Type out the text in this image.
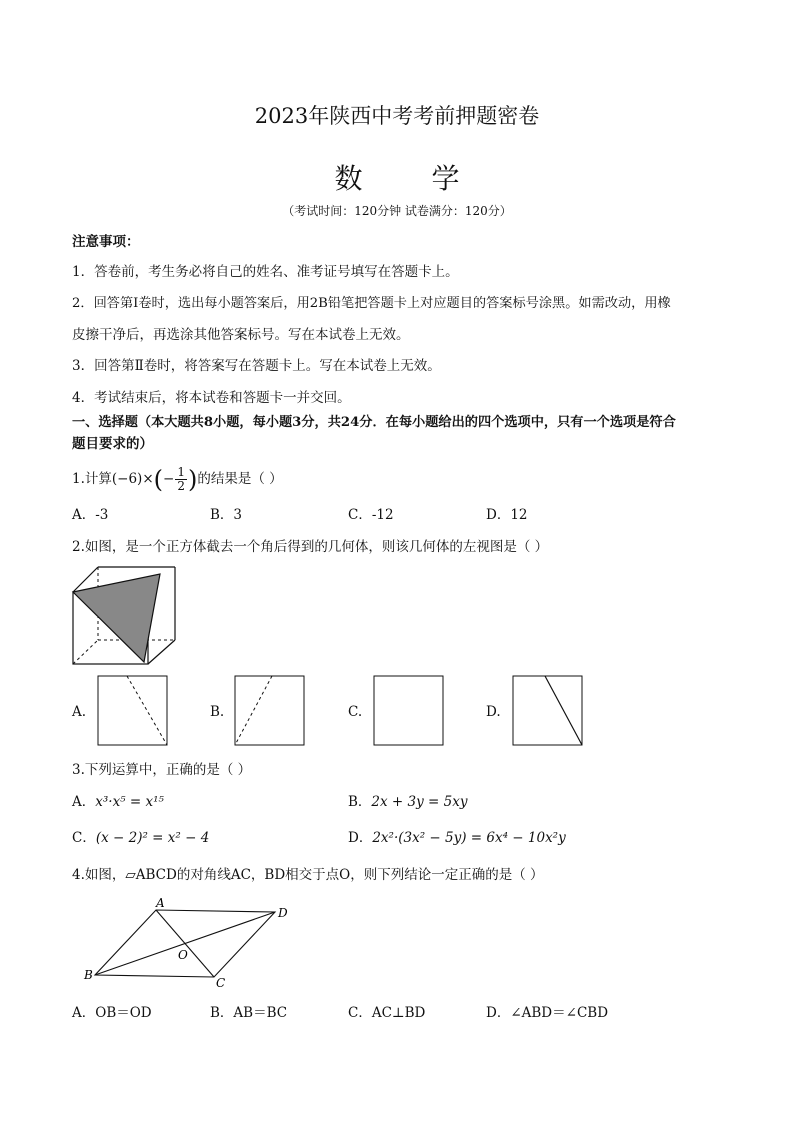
2023年陕西中考考前押题密卷
数 学
（考试时间：120分钟 试卷满分：120分）
注意事项：
1．答卷前，考生务必将自己的姓名、准考证号填写在答题卡上。
2．回答第Ⅰ卷时，选出每小题答案后，用2B铅笔把答题卡上对应题目的答案标号涂黑。如需改动，用橡
皮擦干净后，再选涂其他答案标号。写在本试卷上无效。
3．回答第Ⅱ卷时，将答案写在答题卡上。写在本试卷上无效。
4．考试结束后，将本试卷和答题卡一并交回。
一、选择题（本大题共8小题，每小题3分，共24分．在每小题给出的四个选项中，只有一个选项是符合
题目要求的）
1.计算$(-6)\times(- \frac{1}{2}$ )的结果是（ ）
A．-3	B．3	C．-12	D．12
2.如图，是一个正方体截去一个角后得到的几何体，则该几何体的左视图是（ ）
A.	B.	C.	D.
3.下列运算中，正确的是（ ）
A．x³·x⁵ = x¹⁵	B．2x + 3y = 5xy
C．(x − 2)² = x² − 4	D．2x²·(3x² − 5y) = 6x⁴ − 10x²y
4.如图，▱ABCD的对角线AC，BD相交于点O，则下列结论一定正确的是（ ）
A
B
C
D
O
A．OB＝OD	B．AB＝BC	C．AC⊥BD	D．∠ABD＝∠CBD
